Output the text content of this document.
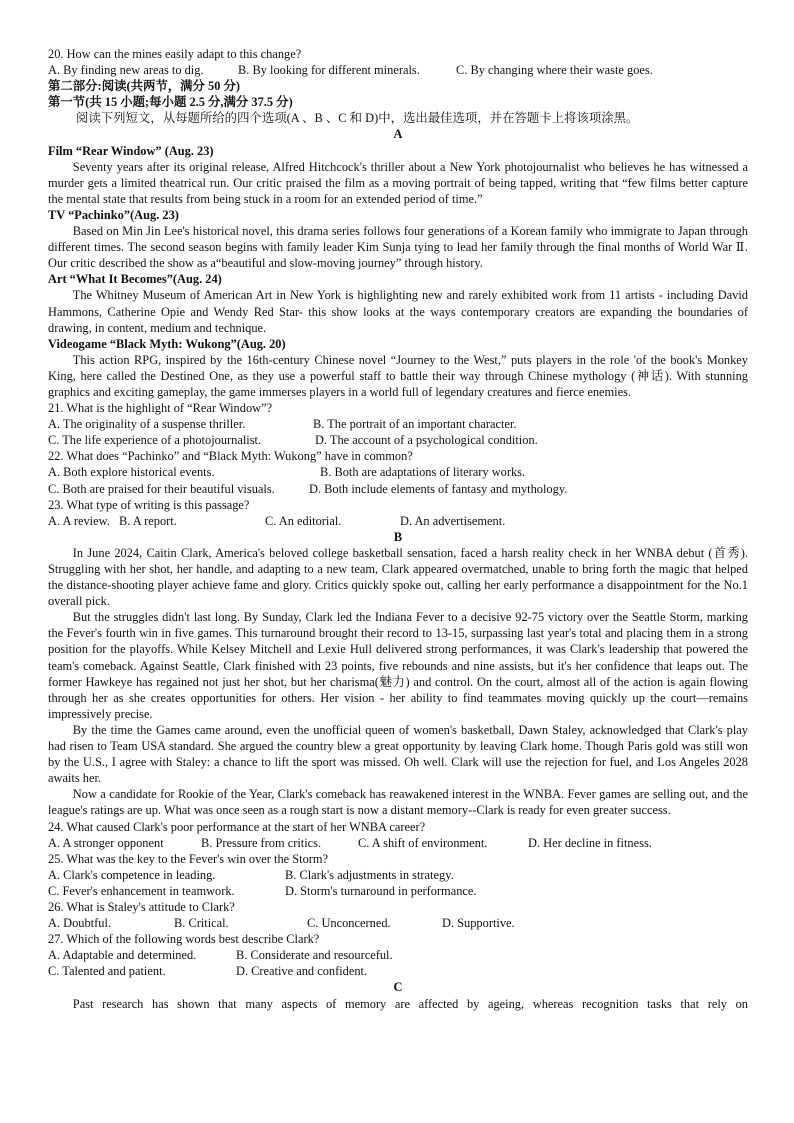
20. How can the mines easily adapt to this change?
A. By finding new areas to dig.	B. By looking for different minerals.	C. By changing where their waste goes.
第二部分:阅读(共两节，满分 50 分)
第一节(共 15 小题;每小题 2.5 分,满分 37.5 分)
阅读下列短文，从每题所给的四个选项(A 、B 、C 和 D)中，选出最佳选项，并在答题卡上将该项涂黑。
A
Film “Rear Window” (Aug. 23)

Seventy years after its original release, Alfred Hitchcock's thriller about a New York photojournalist who believes he has witnessed a murder gets a limited theatrical run. Our critic praised the film as a moving portrait of being tapped, writing that “few films better capture the mental state that results from being stuck in a room for an extended period of time.”

TV “Pachinko”(Aug. 23)

Based on Min Jin Lee's historical novel, this drama series follows four generations of a Korean family who immigrate to Japan through different times. The second season begins with family leader Kim Sunja tying to lead her family through the final months of World War Ⅱ. Our critic described the show as a“beautiful and slow-moving journey” through history.

Art “What It Becomes”(Aug. 24)

The Whitney Museum of American Art in New York is highlighting new and rarely exhibited work from 11 artists - including David Hammons, Catherine Opie and Wendy Red Star- this show looks at the ways contemporary creators are expanding the boundaries of drawing, in content, medium and technique.

Videogame “Black Myth: Wukong”(Aug. 20)

This action RPG, inspired by the 16th-century Chinese novel “Journey to the West,” puts players in the role 'of the book's Monkey King, here called the Destined One, as they use a powerful staff to battle their way through Chinese mythology (神话). With stunning graphics and exciting gameplay, the game immerses players in a world full of legendary creatures and fierce enemies.

21. What is the highlight of “Rear Window”?
A. The originality of a suspense thriller.	B. The portrait of an important character.
C. The life experience of a photojournalist.	D. The account of a psychological condition.
22. What does “Pachinko” and “Black Myth: Wukong” have in common?
A. Both explore historical events.	B. Both are adaptations of literary works.
C. Both are praised for their beautiful visuals.	D. Both include elements of fantasy and mythology.
23. What type of writing is this passage?
A. A review. B. A report.	C. An editorial.	D. An advertisement.
B

In June 2024, Caitin Clark, America's beloved college basketball sensation, faced a harsh reality check in her WNBA debut (首秀). Struggling with her shot, her handle, and adapting to a new team, Clark appeared overmatched, unable to bring forth the magic that helped the distance-shooting player achieve fame and glory. Critics quickly spoke out, calling her early performance a disappointment for the No.1 overall pick.

But the struggles didn't last long. By Sunday, Clark led the Indiana Fever to a decisive 92-75 victory over the Seattle Storm, marking the Fever's fourth win in five games. This turnaround brought their record to 13-15, surpassing last year's total and placing them in a strong position for the playoffs. While Kelsey Mitchell and Lexie Hull delivered strong performances, it was Clark's leadership that powered the team's comeback. Against Seattle, Clark finished with 23 points, five rebounds and nine assists, but it's her confidence that leaps out. The former Hawkeye has regained not just her shot, but her charisma(魅力) and control. On the court, almost all of the action is again flowing through her as she creates opportunities for others. Her vision - her ability to find teammates moving quickly up the court—remains impressively precise.

By the time the Games came around, even the unofficial queen of women's basketball, Dawn Staley, acknowledged that Clark's play had risen to Team USA standard. She argued the country blew a great opportunity by leaving Clark home. Though Paris gold was still won by the U.S., I agree with Staley: a chance to lift the sport was missed. Oh well. Clark will use the rejection for fuel, and Los Angeles 2028 awaits her.

Now a candidate for Rookie of the Year, Clark's comeback has reawakened interest in the WNBA. Fever games are selling out, and the league's ratings are up. What was once seen as a rough start is now a distant memory--Clark is ready for even greater success.

24. What caused Clark's poor performance at the start of her WNBA career?
A. A stronger opponent	B. Pressure from critics.	C. A shift of environment.	D. Her decline in fitness.
25. What was the key to the Fever's win over the Storm?
A. Clark's competence in leading.	B. Clark's adjustments in strategy.
C. Fever's enhancement in teamwork.	D. Storm's turnaround in performance.
26. What is Staley's attitude to Clark?
A. Doubtful.	B. Critical.	C. Unconcerned.	D. Supportive.
27. Which of the following words best describe Clark?
A. Adaptable and determined.	B. Considerate and resourceful.
C. Talented and patient.	D. Creative and confident.
C

Past research has shown that many aspects of memory are affected by ageing, whereas recognition tasks that rely on
